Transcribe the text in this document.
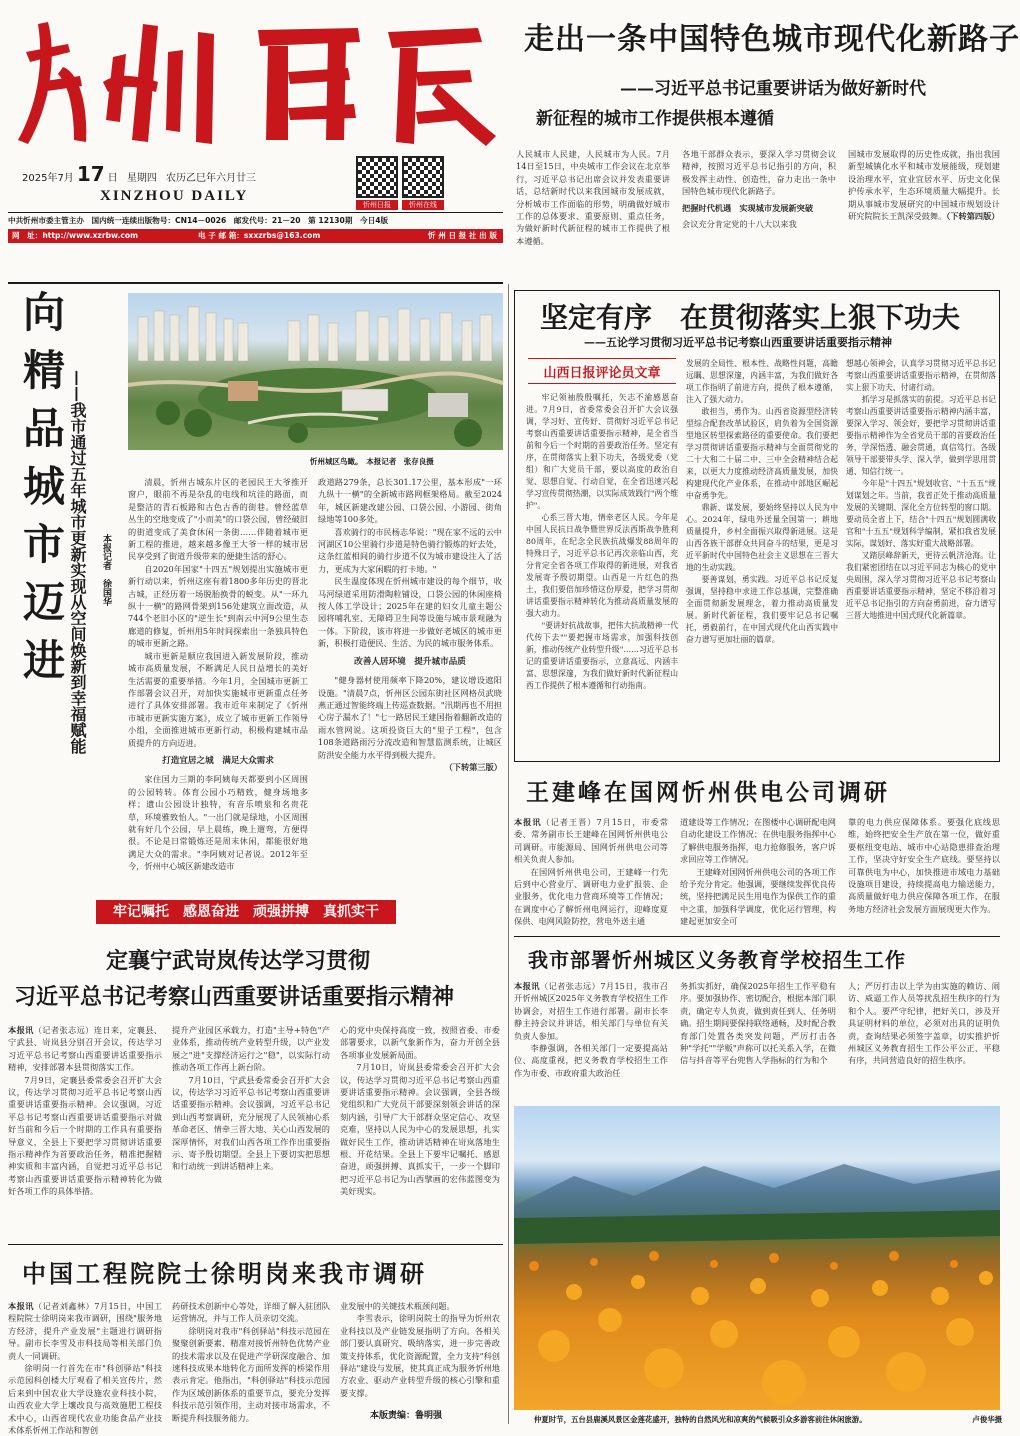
2025年7月 17 日 星期四 农历乙巳年六月廿三
XINZHOU DAILY
忻州日报	忻州在线
中共忻州市委主管主办　国内统一连续出版物号：CN14－0026　邮发代号：21－20　第 12130期　今日4版
网　址：http://www.xzrbw.com	电 子 邮 箱：sxxzrbs@163.com	忻 州 日 报 社 出 版
走出一条中国特色城市现代化新路子
——习近平总书记重要讲话为做好新时代
新征程的城市工作提供根本遵循
人民城市人民建，人民城市为人民。7月14日至15日，中央城市工作会议在北京举行，习近平总书记出席会议并发表重要讲话，总结新时代以来我国城市发展成就，分析城市工作面临的形势，明确做好城市工作的总体要求、重要原则、重点任务，为做好新时代新征程的城市工作提供了根本遵循。
各地干部群众表示，要深入学习贯彻会议精神，按照习近平总书记指引的方向，积极发挥主动性、创造性，奋力走出一条中国特色城市现代化新路子。
把握时代机遇　实现城市发展新突破
会议充分肯定党的十八大以来我
国城市发展取得的历史性成就，指出我国新型城镇化水平和城市发展能级，现划建设治理水平，宜业宜居水平、历史文化保护传承水平，生态环境质量大幅提升。长期从事城市发展研究的中国城市规划设计研究院院长王凯深受鼓舞。（下转第四版）
向精品城市迈进 ——我市通过五年城市更新实现从空间焕新到幸福赋能	本报记者　徐国华
忻州城区鸟瞰。　本报记者　张存良摄

清晨，忻州古城东片区的老园民王大爷推开窗户，眼前不再是杂乱的电线和坑洼的路面，而是整洁的青石板路和古色古香的街巷。曾经蓝草丛生的空地变成了"小而美"的口袋公园，曾经破旧的街道变成了美食休闲一条街……伴随着城市更新工程的推进，越来越多像王大爷一样的城市居民享受到了街道升级带来的便捷生活的舒心。

自2020年国家"十四五"规划提出实施城市更新行动以来，忻州这座有着1800多年历史的晋北古城，正经历着一场脱胎换骨的蜕变。从"一环九纵十一横"的路网骨架到156处建筑立面改造，从744个老旧小区的"逆生长"到南云中河9公里生态廊道的修复，忻州用5年时间探索出一条独具特色的城市更新之路。

城市更新是顺应我国进入新发展阶段，推动城市高质量发展，不断满足人民日益增长的美好生活需要的重要举措。今年1月，全国城市更新工作部署会议召开，对加快实施城市更新重点任务进行了具体安排部署。我市近年来制定了《忻州市城市更新实施方案》，成立了城市更新工作领导小组，全面推进城市更新行动，积极构建城市品质提升的方向迈进。

打造宜居之城　满足大众需求

家住国力三期的李阿姨每天都要到小区周围的公园转转。体育公园小巧精致，健身场地多样；遗山公园设计独特，有音乐喷泉和名贵花草，环境雅致怡人。"一出门就是绿地，小区周围就有好几个公园，早上晨练，晚上遛弯，方便得很。不论是日常锻炼还是周末休闲，都能很好地满足大众的需求。"李阿姨对记者说。2012年至今，忻州中心城区新建改造市

政道路279条，总长301.17公里，基本形成"一环九纵十一横"的全新城市路网框架格局。截至2024年，城区新建改建公园、口袋公园、小游园、街角绿地等100多处。

喜欢骑行的市民杨志华说："现在家不远的云中河湖区10公里骑行步道是特色骑行锻炼的好去处，这条红蓝相间的骑行步道不仅为城市建设注入了活力，更成为大家闲暇的打卡地。"

民生温度体现在忻州城市建设的每个细节，收马河绿道采用防滑陶粒铺设，口袋公园的休闲座椅按人体工学设计；2025年在建的妇女儿童主题公园将哺乳室、无障碍卫生间等设施与城市景观融为一体。下阶段，该市将进一步做好老城区的城市更新，积极打造便民、生活、为民的城市服务体系。

改善人居环境　提升城市品质

"健身器材使用频率下降20%，建议增设遮阳设施。"清晨7点，忻州区公园东街社区网格员武晓燕正通过智能终端上传巡查数据。"汛期再也不用担心房子漏水了！"七一路居民王建国指着翻新改造的雨水管网说。这项投资巨大的"里子工程"，包含108条道路雨污分流改造和智慧监测系统，让城区防洪安全能力水平得到极大提升。

（下转第三版）
牢记嘱托　感恩奋进　顽强拼搏　真抓实干
定襄宁武岢岚传达学习贯彻
习近平总书记考察山西重要讲话重要指示精神
本报讯（记者张志远）连日来，定襄县、宁武县、岢岚县分别召开会议，传达学习习近平总书记考察山西重要讲话重要指示精神，安排部署本县贯彻落实工作。

7月9日，定襄县委常委会召开扩大会议，传达学习贯彻习近平总书记考察山西重要讲话重要指示精神。会议强调，习近平总书记考察山西重要讲话重要指示对做好当前和今后一个时期的工作具有重要指导意义，全县上下要把学习贯彻讲话重要指示精神作为首要政治任务，精准把握精神实质和丰富内涵，自觉把习近平总书记考察山西重要讲话重要指示精神转化为做好各项工作的具体举措。

提升产业园区承载力，打造"主导+特色"产业体系，推动传统产业转型升级，以产业发展之"进"支撑经济运行之"稳"，以实际行动推动各项工作再上新台阶。

7月10日，宁武县委常委会召开扩大会议，传达学习习近平总书记考察山西重要讲话重要指示精神。会议强调，习近平总书记到山西考察调研，充分展现了人民领袖心系革命老区、情牵三晋大地、关心山西发展的深厚情怀，对我们山西各项工作作出重要指示、寄予殷切期望。全县上下要切实把思想和行动统一到讲话精神上来。

心的党中央保持高度一致，按照省委、市委部署要求，以新气象新作为，奋力开创全县各项事业发展新局面。

7月10日，岢岚县委常委会召开扩大会议，传达学习贯彻习近平总书记考察山西重要讲话重要指示精神。会议强调，全县各级党组织和广大党员干部要深刻领会讲话的深刻内涵，引导广大干部群众坚定信心、攻坚克难，坚持以人民为中心的发展思想，扎实做好民生工作，推动讲话精神在岢岚落地生根、开花结果。全县上下要牢记嘱托、感恩奋进，顽强拼搏、真抓实干，一步一个脚印把习近平总书记为山西擘画的宏伟蓝图变为美好现实。

中国工程院院士徐明岗来我市调研
本报讯（记者刘鑫林）7月15日，中国工程院院士徐明岗来我市调研，围绕"服务地方经济，提升产业发展"主题进行调研指导。副市长李雪及市科技局等相关部门负责人一同调研。

徐明岗一行首先在市"科创驿站"科技示范园科创楼大厅观看了相关宣传片，然后来到中国农业大学设施农业科技小院，山西农业大学上壤改良与高效施肥工程技术中心，山西省现代农业功能食品产业技术体系忻州工作站和智创

药研技术创新中心等处，详细了解入驻团队运营情况，并与工作人员亲切交流。

徐明岗对我市"科创驿站"科技示范园在聚聚创新要素、精准对接忻州特色优势产业的技术需求以及在促进产学研深度融合、加速科技成果本地转化方面所发挥的桥梁作用表示肯定。他指出，"科创驿站"科技示范园作为区域创新体系的重要节点，要充分发挥科技示范引领作用，主动对接市场需求，不断提升科技服务能力。

业发展中的关键技术瓶颈问题。

李雪表示，徐明岗院士的指导为忻州农业科技以及产业链发展指明了方向。各相关部门要认真研究、吸纳落实，进一步完善政策支持体系，优化资源配置，全力支持"科创驿站"建设与发展，使其真正成为服务忻州地方农业、驱动产业转型升级的核心引擎和重要支撑。

本版责编：鲁明强
坚定有序　在贯彻落实上狠下功夫
——五论学习贯彻习近平总书记考察山西重要讲话重要指示精神
山西日报评论员文章

牢记领袖殷殷嘱托，矢志不渝感恩奋进。7月9日，省委常委会召开扩大会议强调，学习好、宣传好、贯彻好习近平总书记考察山西重要讲话重要指示精神，是全省当前和今后一个时期的首要政治任务。坚定有序，在贯彻落实上狠下功夫，各级党委（党组）和广大党员干部，要以高度的政治自觉、思想自觉、行动自觉，在全省迅速兴起学习宣传贯彻热潮，以实际成效践行"两个维护"。

心系三晋大地，情牵老区人民。今年是中国人民抗日战争暨世界反法西斯战争胜利80周年，在纪念全民族抗战爆发88周年的特殊日子，习近平总书记再次亲临山西，充分肯定全省各项工作取得的新进展，对我省发展寄予殷切期望。山西是一片红色的热土，我们要倍加珍惜这份厚爱，把学习贯彻讲话重要指示精神转化为推动高质量发展的强大动力。

"要讲好抗战故事，把伟大抗战精神一代代传下去""要把握市场需求，加强科技创新，推动传统产业转型升级"……习近平总书记的重要讲话重要指示，立意高远、内涵丰富、思想深邃，为我们做好新时代新征程山西工作提供了根本遵循和行动指南。

发展的全局性、根本性、战略性问题，高瞻远瞩、思想深邃，内涵丰富，为我们做好各项工作指明了前进方向，提供了根本遵循，注入了强大动力。

敢担当，勇作为。山西省资源型经济转型综合配套改革试验区，肩负着为全国资源型地区转型探索路径的重要使命。我们要把学习贯彻讲话重要指示精神与全面贯彻党的二十大和二十届二中、三中全会精神结合起来，以更大力度推动经济高质量发展，加快构建现代化产业体系，在推动中部地区崛起中奋勇争先。

鼎新、谋发展，要始终坚持以人民为中心。2024年，绿电外送量全国第一；耕地质量提升，乡村全面振兴取得新进展。这是山西各族干部群众共同奋斗的结果，更是习近平新时代中国特色社会主义思想在三晋大地的生动实践。

要善谋划，勇实践。习近平总书记反复强调，坚持稳中求进工作总基调，完整准确全面贯彻新发展理念，着力推动高质量发展。新时代新征程，我们要牢记总书记嘱托，勇毅前行，在中国式现代化山西实践中奋力谱写更加壮丽的篇章。

想越心领神会，认真学习贯彻习近平总书记考察山西重要讲话重要指示精神，在贯彻落实上狠下功夫、付诸行动。

抓学习是抓落实的前提。习近平总书记考察山西重要讲话重要指示精神内涵丰富，要深入学习、领会好，要把学习贯彻讲话重要指示精神作为全省党员干部的首要政治任务，学深悟透、融会贯通，真信笃行。各级领导干部要带头学、深入学，做到学思用贯通、知信行统一。

今年是"十四五"规划收官、"十五五"规划谋划之年。当前，我省正处于推动高质量发展的关键期、深化全方位转型的窗口期。要动员全省上下，结合"十四五"规划圆满收官和"十五五"规划科学编制，紧扣我省发展实际，谋划好、落实好重大战略部署。

又踏层峰辞新天，更待云帆济沧海。让我们紧密团结在以习近平同志为核心的党中央周围，深入学习贯彻习近平总书记考察山西重要讲话重要指示精神，坚定不移沿着习近平总书记指引的方向奋勇前进，奋力谱写三晋大地推进中国式现代化新篇章。

王建峰在国网忻州供电公司调研
本报讯（记者王晋）7月15日，市委常委、常务副市长王建峰在国网忻州供电公司调研。市能源局、国网忻州供电公司等相关负责人参加。

在国网忻州供电公司，王建峰一行先后到中心营业厅、调研电力业扩报装、企业服务，优化电力营商环境等工作情况；在调度中心了解忻州电网运行，迎峰度夏保供、电网风险防控，营电外送主通

道建设等工作情况；在图楼中心调研配电网自动化建设工作情况；在供电服务指挥中心了解供电服务指挥，电力抢修服务，客户诉求回应等工作情况。

王建峰对国网忻州供电公司的各项工作给予充分肯定。他强调，要继续发挥优良传统，坚持把满足民生用电作为保供工作的重中之重，加强科学调度，优化运行管理，构建起更加安全可

靠的电力供应保障体系。要强化底线思维，始终把安全生产放在第一位，做好重要枢纽变电站、城市中心站隐患排查治理工作，坚决守好安全生产底线。要坚持以可靠供电为中心，加快推进市域电力基础设施项目建设，持续提高电力输送能力，高质量做好电力供应保障各项工作，在服务地方经济社会发展方面展现更大作为。

我市部署忻州城区义务教育学校招生工作
本报讯（记者张志远）7月15日，我市召开忻州城区2025年义务教育学校招生工作协调会，对招生工作进行部署。副市长李静主持会议并讲话，相关部门与单位有关负责人参加。

李静强调，各相关部门一定要提高站位、高度重视，把义务教育学校招生工作作为市委、市政府重大政治任

务抓实抓好，确保2025年招生工作平稳有序。要加强协作、密切配合，根据本部门职责，确定专人负责，做到责任到人、任务明确。招生期间要保持联络通畅，及时配合教育部门处置各类突发问题，严厉打击各种"学托""学贩"声称可以托关系入学，在微信与抖音等平台兜售人学指标的行为和个

人；严厉打击以上学为由实施的赖访、闹访、威逼工作人员等扰乱招生秩序的行为和个人。要严守纪律，把好关口，涉及开具证明材料的单位，必须对出具的证明负责，查询结果必须签字盖章，切实推护忻州城区义务教育招生工作公平公正、平稳有序，共同营造良好的招生秩序。

仲夏时节，五台县鹿溪风景区金莲花盛开，独特的自然风光和凉爽的气候吸引众多游客前往休闲旅游。	卢俊华摄
